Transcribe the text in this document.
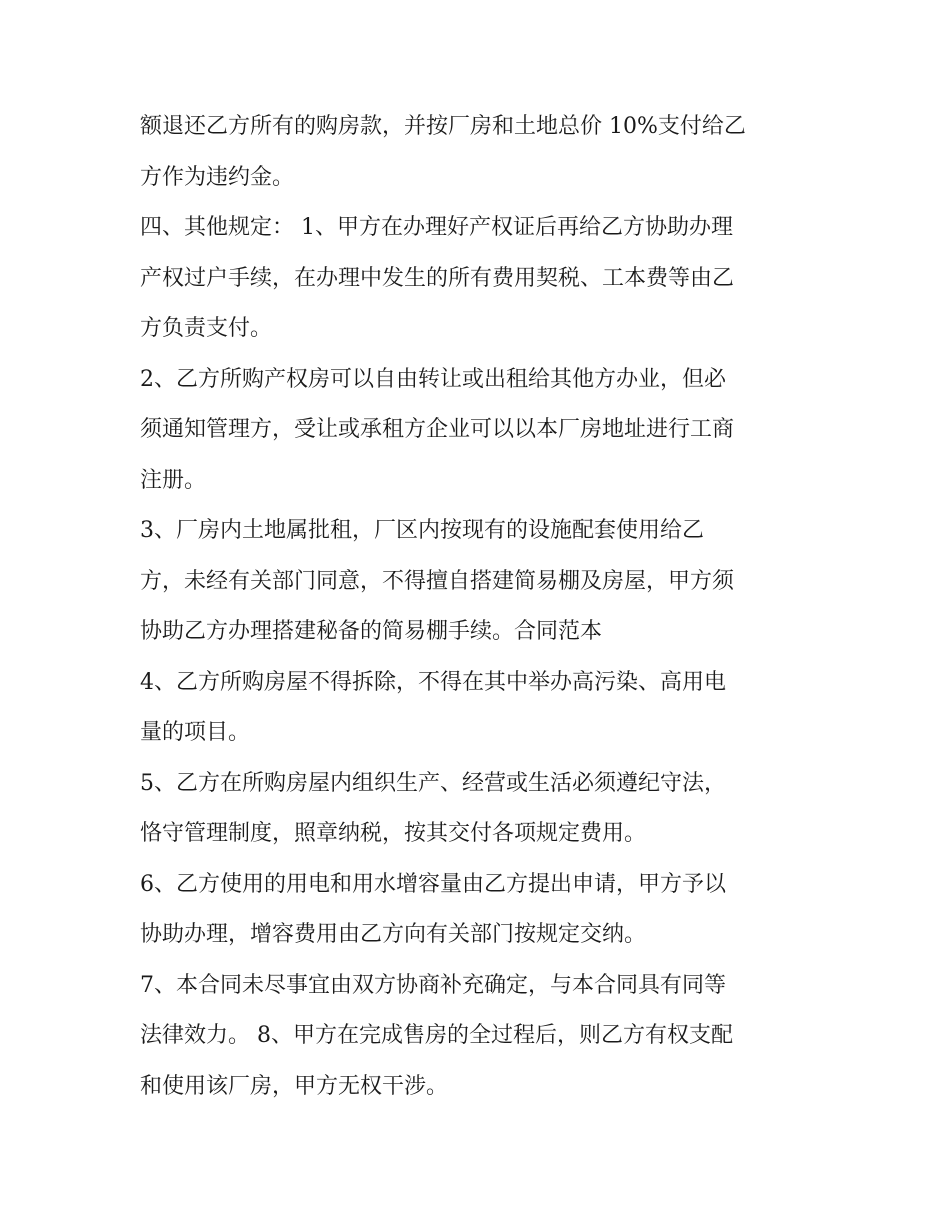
额退还乙方所有的购房款，并按厂房和土地总价 10%支付给乙
方作为违约金。
四、其他规定： 1、甲方在办理好产权证后再给乙方协助办理
产权过户手续，在办理中发生的所有费用契税、工本费等由乙
方负责支付。
2、乙方所购产权房可以自由转让或出租给其他方办业，但必
须通知管理方，受让或承租方企业可以以本厂房地址进行工商
注册。
3、厂房内土地属批租，厂区内按现有的设施配套使用给乙
方，未经有关部门同意，不得擅自搭建简易棚及房屋，甲方须
协助乙方办理搭建秘备的简易棚手续。合同范本
4、乙方所购房屋不得拆除，不得在其中举办高污染、高用电
量的项目。
5、乙方在所购房屋内组织生产、经营或生活必须遵纪守法，
恪守管理制度，照章纳税，按其交付各项规定费用。
6、乙方使用的用电和用水增容量由乙方提出申请，甲方予以
协助办理，增容费用由乙方向有关部门按规定交纳。
7、本合同未尽事宜由双方协商补充确定，与本合同具有同等
法律效力。 8、甲方在完成售房的全过程后，则乙方有权支配
和使用该厂房，甲方无权干涉。
